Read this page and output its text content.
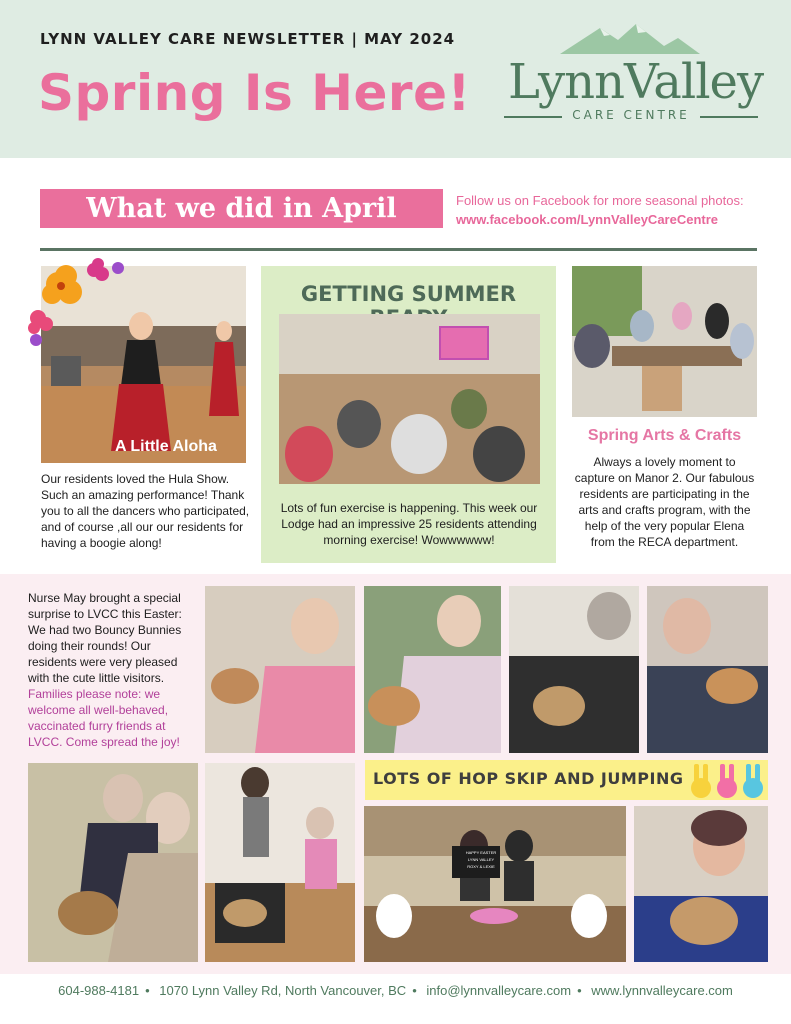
LYNN VALLEY CARE NEWSLETTER | MAY 2024
Spring Is Here! LynnValley
CARE CENTRE
What we did in April	Follow us on Facebook for more seasonal photos:
www.facebook.com/LynnValleyCareCentre
A Little Aloha
Our residents loved the Hula Show. Such an amazing performance! Thank you to all the dancers who participated, and of course ,all our our residents for having a boogie along!
GETTING SUMMER
Lots of fun exercise is happening. This week our Lodge had an impressive 25 residents attending morning exercise! Wowwwwww!
Spring Arts & Crafts
Always a lovely moment to capture on Manor 2. Our fabulous residents are participating in the arts and crafts program, with the help of the very popular Elena from the RECA department.
Nurse May brought a special surprise to LVCC this Easter: We had two Bouncy Bunnies doing their rounds! Our residents were very pleased with the cute little visitors. Families please note: we welcome all well-behaved, vaccinated furry friends at LVCC. Come spread the joy!
LOTS OF HOP SKIP AND JUMPING
HAPPY EASTER
LYNN VALLEY
ROXY & LEXIE
604-988-4181 • 1070 Lynn Valley Rd, North Vancouver, BC • info@lynnvalleycare.com • www.lynnvalleycare.com
